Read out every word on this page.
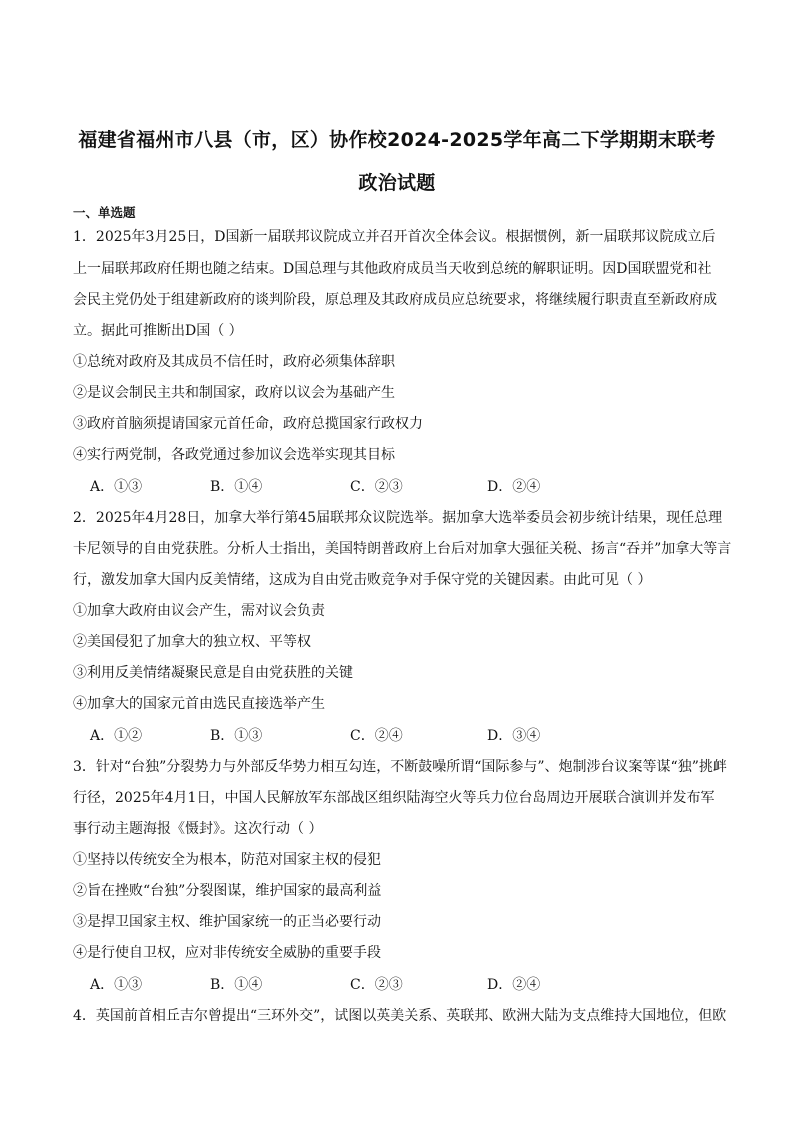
福建省福州市八县（市，区）协作校2024-2025学年高二下学期期末联考
政治试题
一、单选题
1．2025年3月25日，D国新一届联邦议院成立并召开首次全体会议。根据惯例，新一届联邦议院成立后
上一届联邦政府任期也随之结束。D国总理与其他政府成员当天收到总统的解职证明。因D国联盟党和社
会民主党仍处于组建新政府的谈判阶段，原总理及其政府成员应总统要求，将继续履行职责直至新政府成
立。据此可推断出D国（ ）
①总统对政府及其成员不信任时，政府必须集体辞职
②是议会制民主共和制国家，政府以议会为基础产生
③政府首脑须提请国家元首任命，政府总揽国家行政权力
④实行两党制，各政党通过参加议会选举实现其目标
A．①③	B．①④	C．②③	D．②④
2．2025年4月28日，加拿大举行第45届联邦众议院选举。据加拿大选举委员会初步统计结果，现任总理
卡尼领导的自由党获胜。分析人士指出，美国特朗普政府上台后对加拿大强征关税、扬言“吞并”加拿大等言
行，激发加拿大国内反美情绪，这成为自由党击败竞争对手保守党的关键因素。由此可见（ ）
①加拿大政府由议会产生，需对议会负责
②美国侵犯了加拿大的独立权、平等权
③利用反美情绪凝聚民意是自由党获胜的关键
④加拿大的国家元首由选民直接选举产生
A．①②	B．①③	C．②④	D．③④
3．针对“台独”分裂势力与外部反华势力相互勾连，不断鼓噪所谓“国际参与”、炮制涉台议案等谋“独”挑衅
行径，2025年4月1日，中国人民解放军东部战区组织陆海空火等兵力位台岛周边开展联合演训并发布军
事行动主题海报《慑封》。这次行动（ ）
①坚持以传统安全为根本，防范对国家主权的侵犯
②旨在挫败“台独”分裂图谋，维护国家的最高利益
③是捍卫国家主权、维护国家统一的正当必要行动
④是行使自卫权，应对非传统安全威胁的重要手段
A．①③	B．①④	C．②③	D．②④
4．英国前首相丘吉尔曾提出“三环外交”，试图以英美关系、英联邦、欧洲大陆为支点维持大国地位，但欧
